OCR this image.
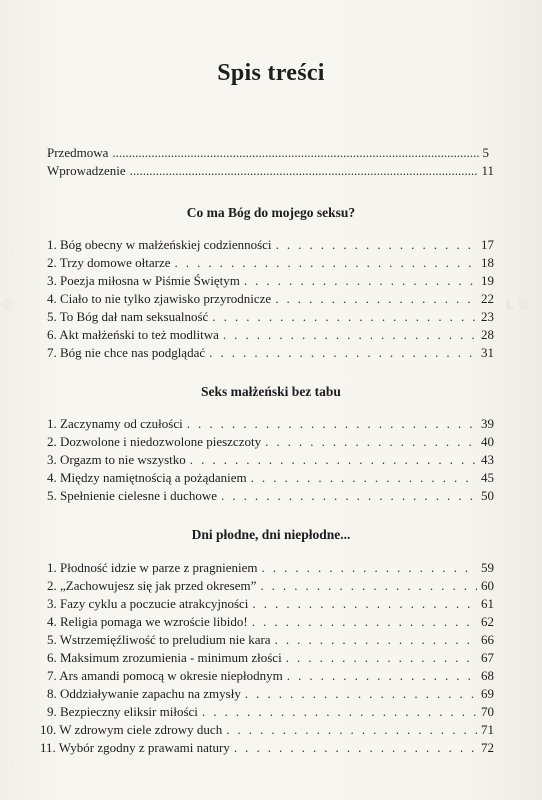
Spis treści
Przedmowa .....	5
Wprowadzenie .....	11
Co ma Bóg do mojego seksu?
1. Bóg obecny w małżeńskiej codzienności . . .	17
2. Trzy domowe ołtarze . . .	18
3. Poezja miłosna w Piśmie Świętym . . .	19
4. Ciało to nie tylko zjawisko przyrodnicze . . .	22
5. To Bóg dał nam seksualność . . .	23
6. Akt małżeński to też modlitwa . . .	28
7. Bóg nie chce nas podglądać . . .	31
Seks małżeński bez tabu
1. Zaczynamy od czułości . . .	39
2. Dozwolone i niedozwolone pieszczoty . . .	40
3. Orgazm to nie wszystko . . .	43
4. Między namiętnością a pożądaniem . . .	45
5. Spełnienie cielesne i duchowe . . .	50
Dni płodne, dni niepłodne...
1. Płodność idzie w parze z pragnieniem . . .	59
2. „Zachowujesz się jak przed okresem” . . .	60
3. Fazy cyklu a poczucie atrakcyjności . . .	61
4. Religia pomaga we wzroście libido! . . .	62
5. Wstrzemięźliwość to preludium nie kara . . .	66
6. Maksimum zrozumienia - minimum złości . . .	67
7. Ars amandi pomocą w okresie niepłodnym . . .	68
8. Oddziaływanie zapachu na zmysły . . .	69
9. Bezpieczny eliksir miłości . . .	70
10. W zdrowym ciele zdrowy duch . . .	71
11. Wybór zgodny z prawami natury . . .	72
©	L ©
